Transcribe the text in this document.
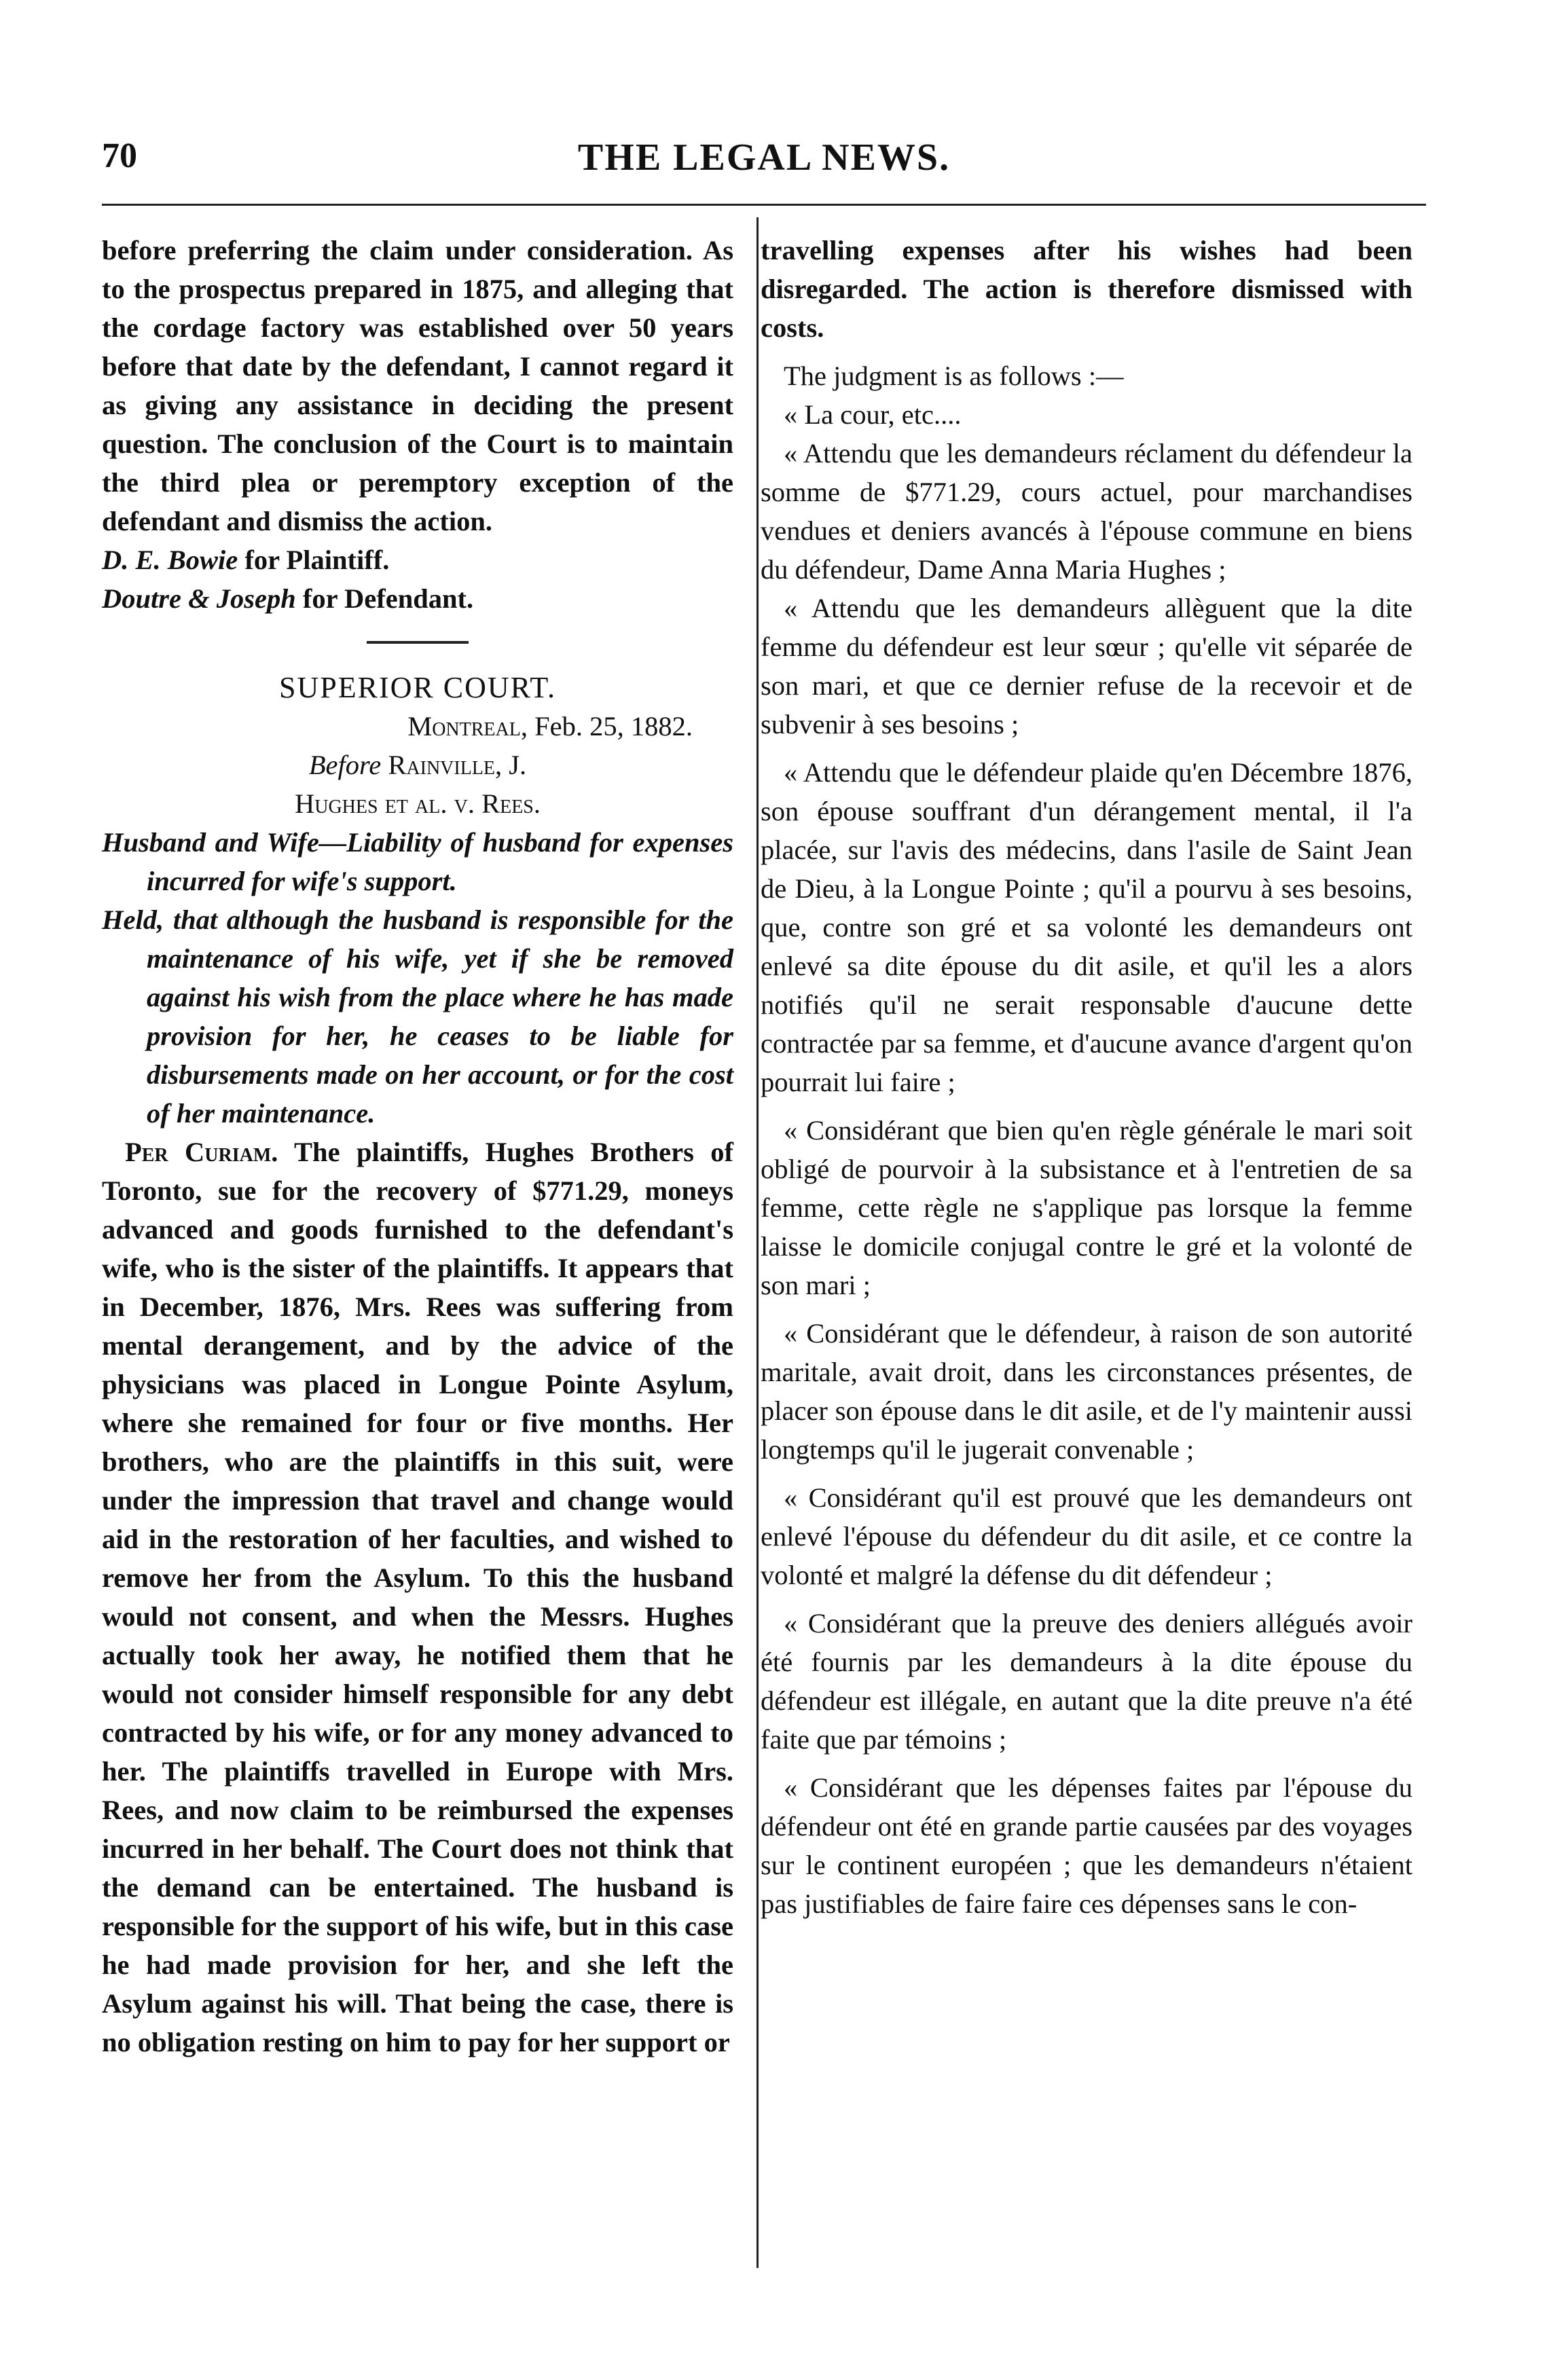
70	THE LEGAL NEWS.

before preferring the claim under consideration. As to the prospectus prepared in 1875, and alleging that the cordage factory was established over 50 years before that date by the defendant, I cannot regard it as giving any assistance in deciding the present question. The conclusion of the Court is to maintain the third plea or peremptory exception of the defendant and dismiss the action.

D. E. Bowie for Plaintiff.

Doutre & Joseph for Defendant.

SUPERIOR COURT.

Montreal, Feb. 25, 1882.

Before Rainville, J.

Hughes et al. v. Rees.

Husband and Wife—Liability of husband for expenses incurred for wife's support.

Held, that although the husband is responsible for the maintenance of his wife, yet if she be removed against his wish from the place where he has made provision for her, he ceases to be liable for disbursements made on her account, or for the cost of her maintenance.

Per Curiam. The plaintiffs, Hughes Brothers of Toronto, sue for the recovery of $771.29, moneys advanced and goods furnished to the defendant's wife, who is the sister of the plaintiffs. It appears that in December, 1876, Mrs. Rees was suffering from mental derangement, and by the advice of the physicians was placed in Longue Pointe Asylum, where she remained for four or five months. Her brothers, who are the plaintiffs in this suit, were under the impression that travel and change would aid in the restoration of her faculties, and wished to remove her from the Asylum. To this the husband would not consent, and when the Messrs. Hughes actually took her away, he notified them that he would not consider himself responsible for any debt contracted by his wife, or for any money advanced to her. The plaintiffs travelled in Europe with Mrs. Rees, and now claim to be reimbursed the expenses incurred in her behalf. The Court does not think that the demand can be entertained. The husband is responsible for the support of his wife, but in this case he had made provision for her, and she left the Asylum against his will. That being the case, there is no obligation resting on him to pay for her support or

travelling expenses after his wishes had been disregarded. The action is therefore dismissed with costs.

The judgment is as follows :—

« La cour, etc....

« Attendu que les demandeurs réclament du défendeur la somme de $771.29, cours actuel, pour marchandises vendues et deniers avancés à l'épouse commune en biens du défendeur, Dame Anna Maria Hughes ;

« Attendu que les demandeurs allèguent que la dite femme du défendeur est leur sœur ; qu'elle vit séparée de son mari, et que ce dernier refuse de la recevoir et de subvenir à ses besoins ;

« Attendu que le défendeur plaide qu'en Décembre 1876, son épouse souffrant d'un dérangement mental, il l'a placée, sur l'avis des médecins, dans l'asile de Saint Jean de Dieu, à la Longue Pointe ; qu'il a pourvu à ses besoins, que, contre son gré et sa volonté les demandeurs ont enlevé sa dite épouse du dit asile, et qu'il les a alors notifiés qu'il ne serait responsable d'aucune dette contractée par sa femme, et d'aucune avance d'argent qu'on pourrait lui faire ;

« Considérant que bien qu'en règle générale le mari soit obligé de pourvoir à la subsistance et à l'entretien de sa femme, cette règle ne s'applique pas lorsque la femme laisse le domicile conjugal contre le gré et la volonté de son mari ;

« Considérant que le défendeur, à raison de son autorité maritale, avait droit, dans les circonstances présentes, de placer son épouse dans le dit asile, et de l'y maintenir aussi longtemps qu'il le jugerait convenable ;

« Considérant qu'il est prouvé que les demandeurs ont enlevé l'épouse du défendeur du dit asile, et ce contre la volonté et malgré la défense du dit défendeur ;

« Considérant que la preuve des deniers allégués avoir été fournis par les demandeurs à la dite épouse du défendeur est illégale, en autant que la dite preuve n'a été faite que par témoins ;

« Considérant que les dépenses faites par l'épouse du défendeur ont été en grande partie causées par des voyages sur le continent européen ; que les demandeurs n'étaient pas justifiables de faire faire ces dépenses sans le con-
